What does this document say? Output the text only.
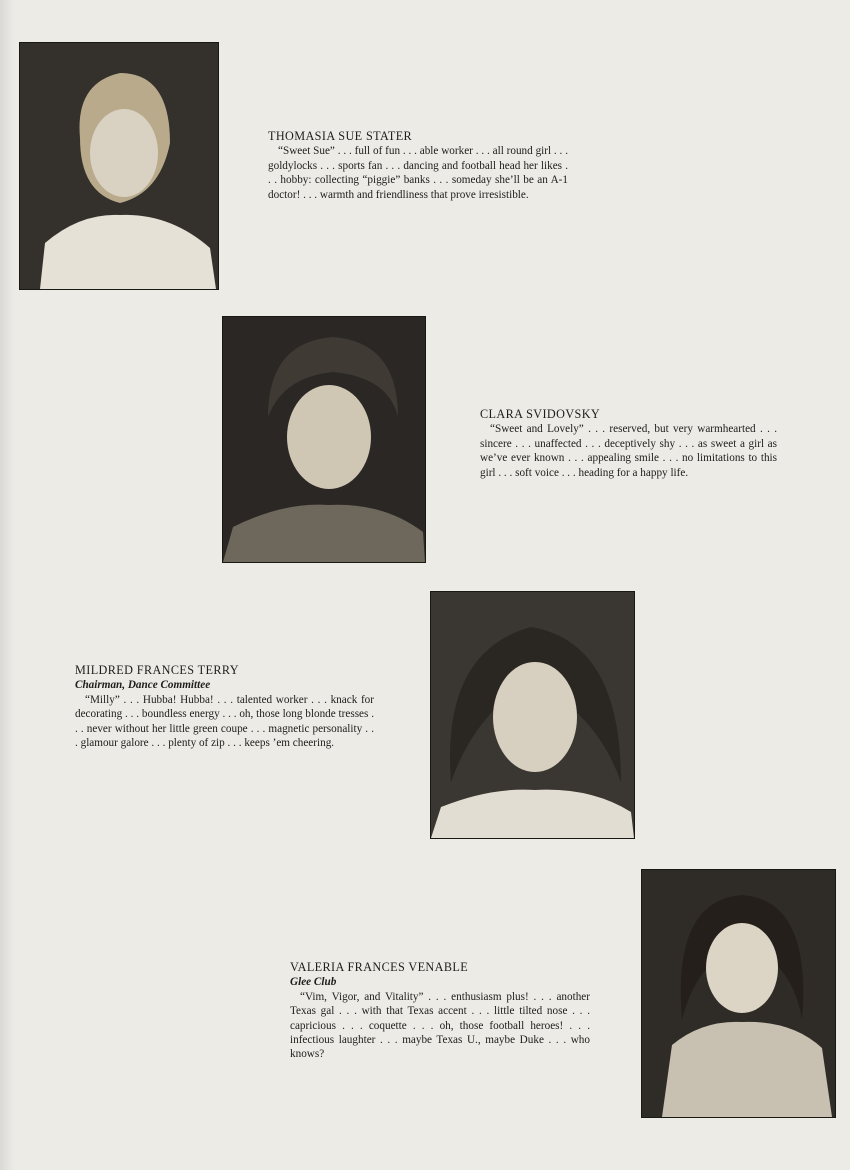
THOMASIA SUE STATER

“Sweet Sue” . . . full of fun . . . able worker . . . all round girl . . . goldylocks . . . sports fan . . . dancing and football head her likes . . . hobby: collecting “piggie” banks . . . someday she’ll be an A-1 doctor! . . . warmth and friendliness that prove irresistible.

CLARA SVIDOVSKY

“Sweet and Lovely” . . . reserved, but very warmhearted . . . sincere . . . unaffected . . . deceptively shy . . . as sweet a girl as we’ve ever known . . . appealing smile . . . no limitations to this girl . . . soft voice . . . heading for a happy life.

MILDRED FRANCES TERRY

Chairman, Dance Committee

“Milly” . . . Hubba! Hubba! . . . talented worker . . . knack for decorating . . . boundless energy . . . oh, those long blonde tresses . . . never without her little green coupe . . . magnetic personality . . . glamour galore . . . plenty of zip . . . keeps ’em cheering.

VALERIA FRANCES VENABLE

Glee Club

“Vim, Vigor, and Vitality” . . . enthusiasm plus! . . . another Texas gal . . . with that Texas accent . . . little tilted nose . . . capricious . . . coquette . . . oh, those football heroes! . . . infectious laughter . . . maybe Texas U., maybe Duke . . . who knows?
